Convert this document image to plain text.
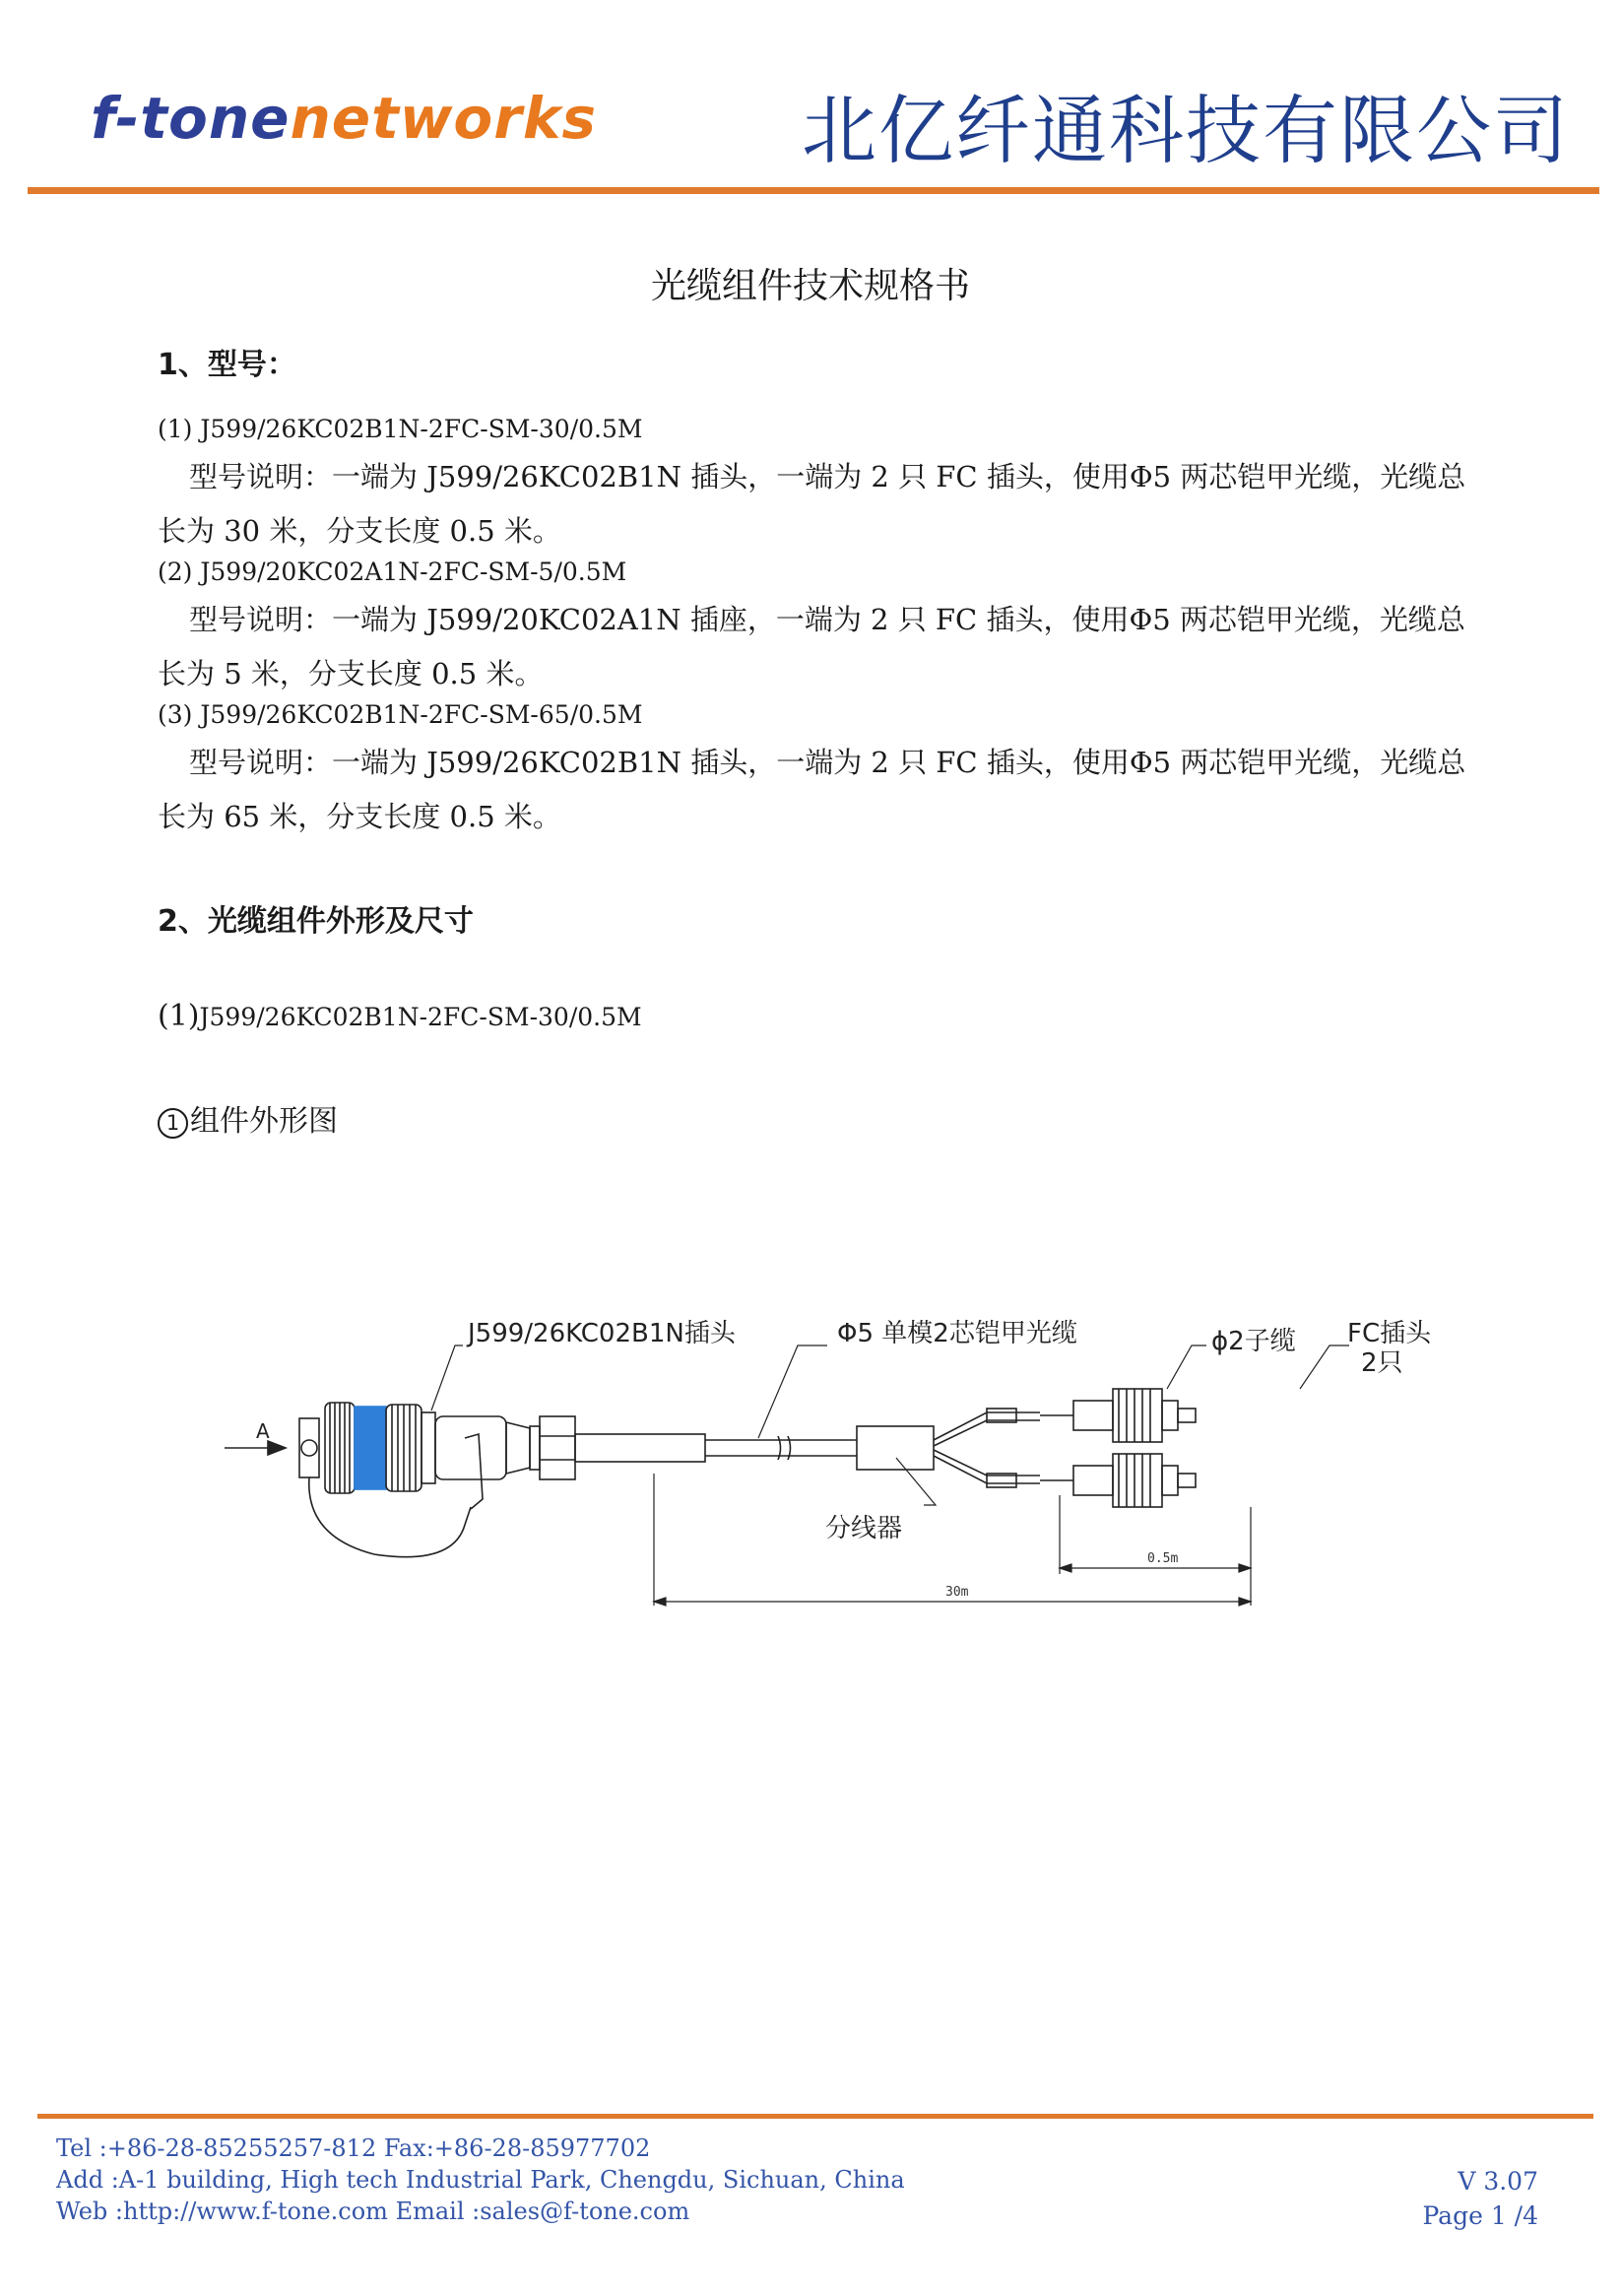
f-tonenetworks	北亿纤通科技有限公司
光缆组件技术规格书
1、型号：
(1) J599/26KC02B1N-2FC-SM-30/0.5M
型号说明：一端为 J599/26KC02B1N 插头，一端为 2 只 FC 插头，使用Φ5 两芯铠甲光缆，光缆总长为 30 米，分支长度 0.5 米。
(2) J599/20KC02A1N-2FC-SM-5/0.5M
型号说明：一端为 J599/20KC02A1N 插座，一端为 2 只 FC 插头，使用Φ5 两芯铠甲光缆，光缆总长为 5 米，分支长度 0.5 米。
(3) J599/26KC02B1N-2FC-SM-65/0.5M
型号说明：一端为 J599/26KC02B1N 插头，一端为 2 只 FC 插头，使用Φ5 两芯铠甲光缆，光缆总长为 65 米，分支长度 0.5 米。
2、光缆组件外形及尺寸
(1)J599/26KC02B1N-2FC-SM-30/0.5M
1 组件外形图
J599/26KC02B1N插头	Φ5 单模2芯铠甲光缆	ϕ2子缆 FC插头
2只
A
分线器
0.5m
30m
Tel :+86-28-85255257-812 Fax:+86-28-85977702
Add :A-1 building, High tech Industrial Park, Chengdu, Sichuan, China
Web :http://www.f-tone.com Email :sales@f-tone.com
V 3.07
Page 1 /4
